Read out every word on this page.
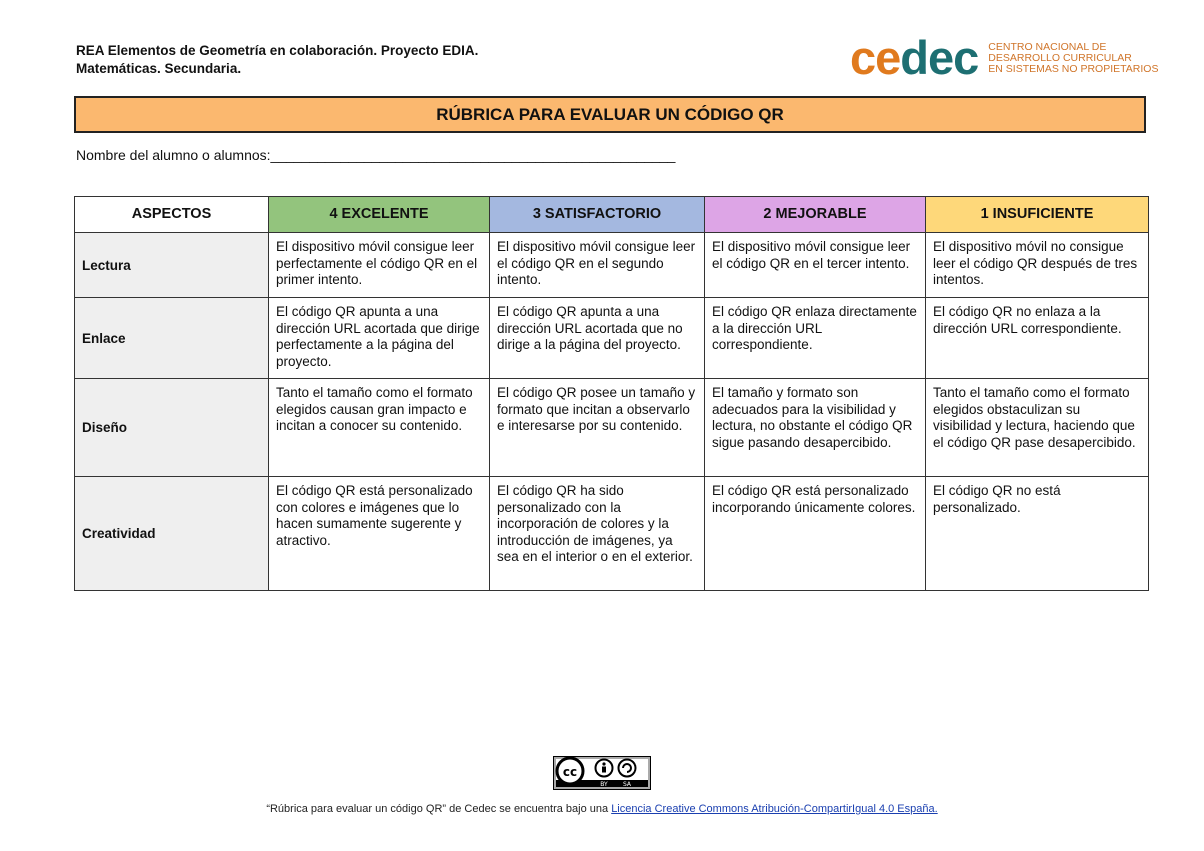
REA Elementos de Geometría en colaboración. Proyecto EDIA.
Matemáticas. Secundaria.	cedec CENTRO NACIONAL DE
DESARROLLO CURRICULAR
EN SISTEMAS NO PROPIETARIOS
RÚBRICA PARA EVALUAR UN CÓDIGO QR
Nombre del alumno o alumnos:____________________________________________________
ASPECTOS	4 EXCELENTE	3 SATISFACTORIO	2 MEJORABLE	1 INSUFICIENTE
Lectura	El dispositivo móvil consigue leer perfectamente el código QR en el primer intento.	El dispositivo móvil consigue leer el código QR en el segundo intento.	El dispositivo móvil consigue leer el código QR en el tercer intento.	El dispositivo móvil no consigue leer el código QR después de tres intentos.
Enlace	El código QR apunta a una dirección URL acortada que dirige perfectamente a la página del proyecto.	El código QR apunta a una dirección URL acortada que no dirige a la página del proyecto.	El código QR enlaza directamente a la dirección URL correspondiente.	El código QR no enlaza a la dirección URL correspondiente.
Diseño	Tanto el tamaño como el formato elegidos causan gran impacto e incitan a conocer su contenido.	El código QR posee un tamaño y formato que incitan a observarlo e interesarse por su contenido.	El tamaño y formato son adecuados para la visibilidad y lectura, no obstante el código QR sigue pasando desapercibido.	Tanto el tamaño como el formato elegidos obstaculizan su visibilidad y lectura, haciendo que el código QR pase desapercibido.
Creatividad	El código QR está personalizado con colores e imágenes que lo hacen sumamente sugerente y atractivo.	El código QR ha sido personalizado con la incorporación de colores y la introducción de imágenes, ya sea en el interior o en el exterior.	El código QR está personalizado incorporando únicamente colores.	El código QR no está personalizado.
cc
BY	SA
“Rúbrica para evaluar un código QR” de Cedec se encuentra bajo una Licencia Creative Commons Atribución-CompartirIgual 4.0 España.
